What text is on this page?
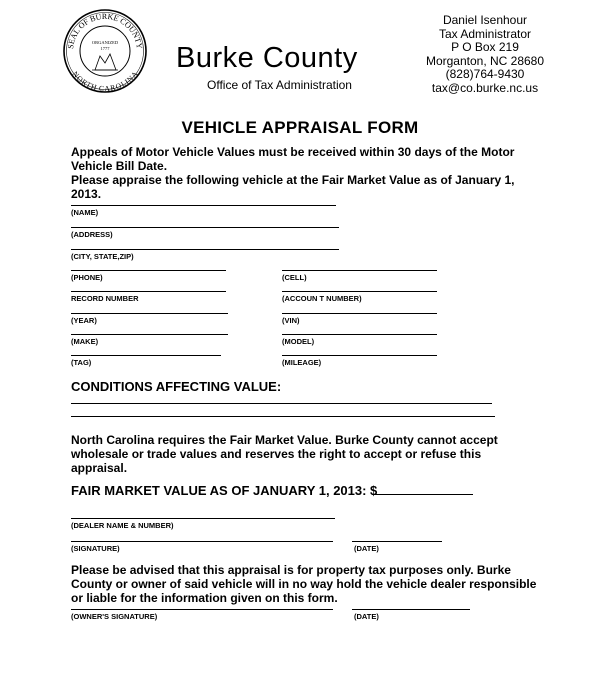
SEAL OF BURKE COUNTY
NORTH CAROLINA
ORGANIZED
1777 Burke County
Office of Tax Administration
Daniel Isenhour
Tax Administrator
P O Box 219
Morganton, NC 28680
(828)764-9430
tax@co.burke.nc.us
VEHICLE APPRAISAL FORM
Appeals of Motor Vehicle Values must be received within 30 days of the Motor
Vehicle Bill Date.
Please appraise the following vehicle at the Fair Market Value as of January 1,
2013.
(NAME)
(ADDRESS)
(CITY, STATE,ZIP)
(PHONE)	(CELL)
RECORD NUMBER	(ACCOUN T NUMBER)
(YEAR)	(VIN)
(MAKE)	(MODEL)
(TAG)	(MILEAGE)
CONDITIONS AFFECTING VALUE:
North Carolina requires the Fair Market Value. Burke County cannot accept
wholesale or trade values and reserves the right to accept or refuse this
appraisal.
FAIR MARKET VALUE AS OF JANUARY 1, 2013: $
(DEALER NAME & NUMBER)
(SIGNATURE)	(DATE)
Please be advised that this appraisal is for property tax purposes only. Burke
County or owner of said vehicle will in no way hold the vehicle dealer responsible
or liable for the information given on this form.
(OWNER'S SIGNATURE)	(DATE)
